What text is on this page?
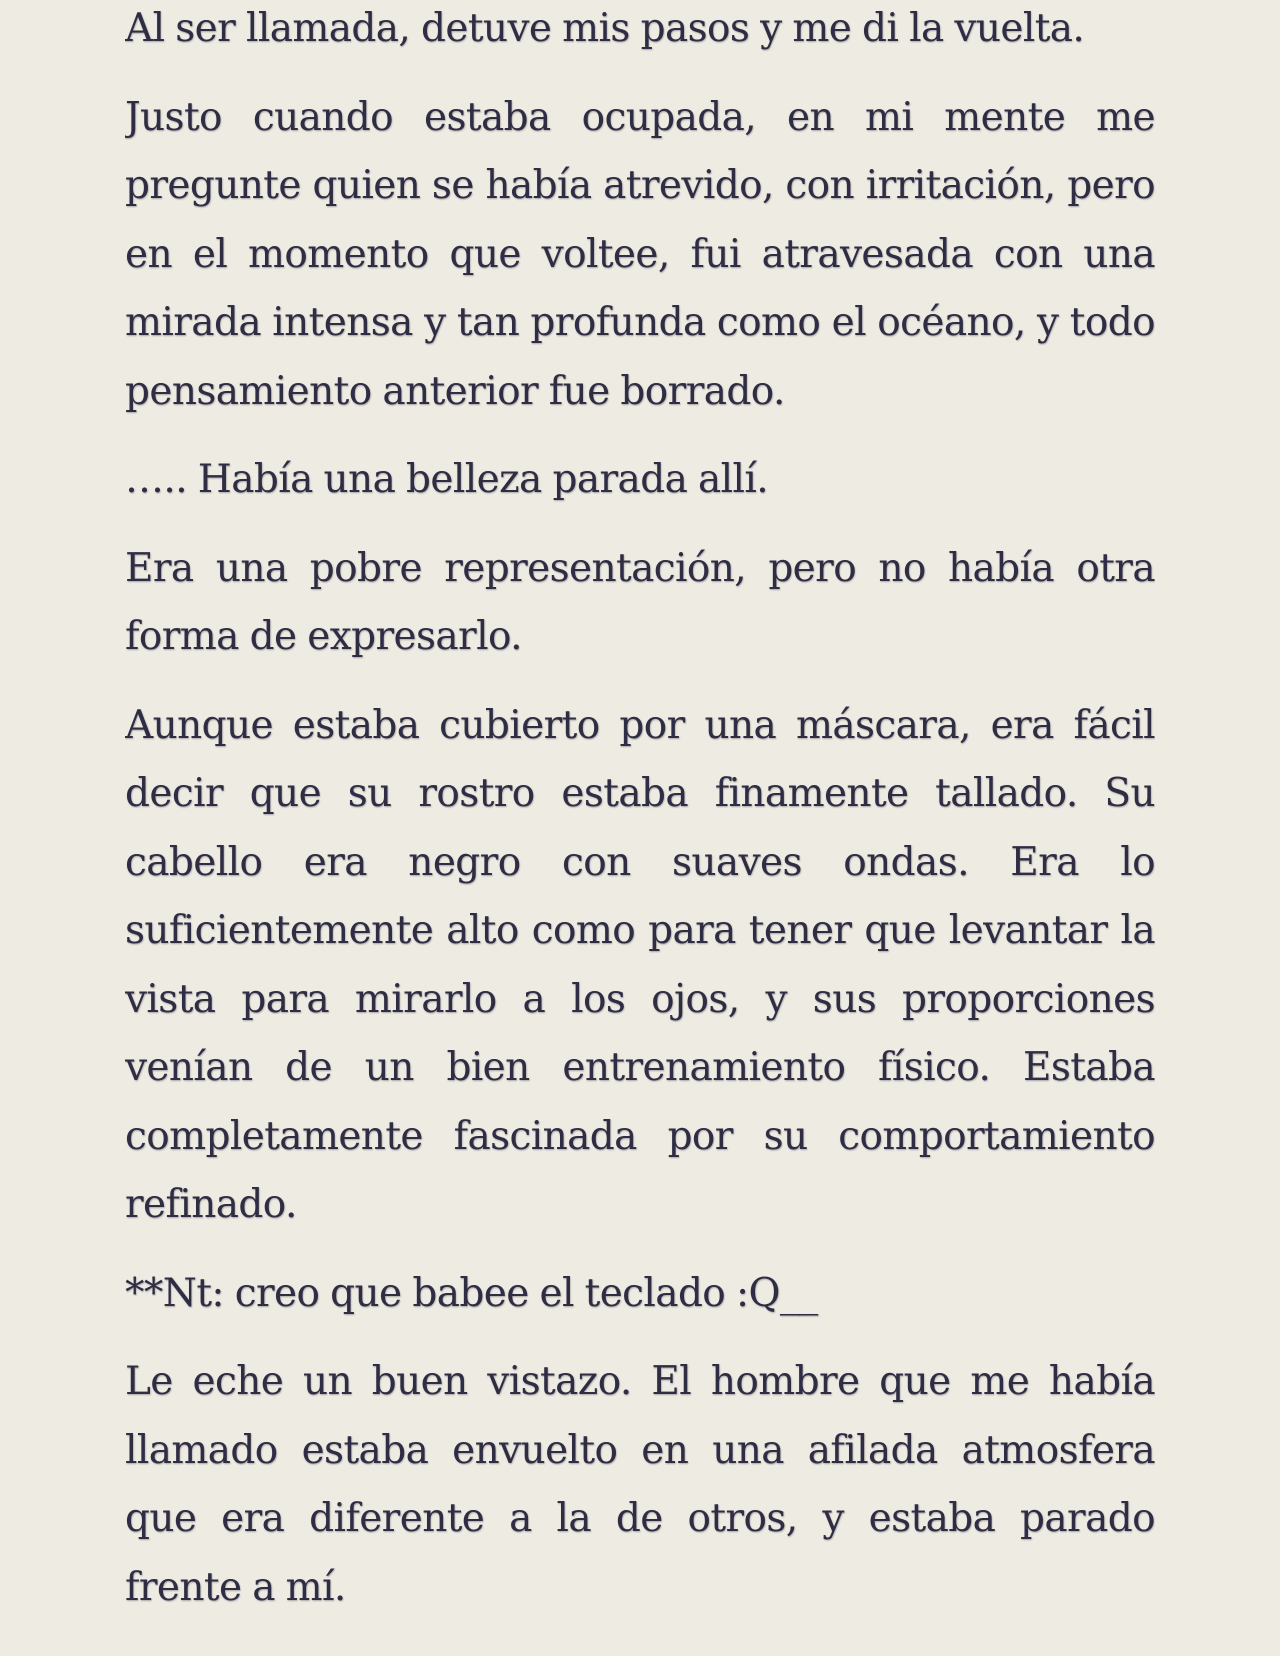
Al ser llamada, detuve mis pasos y me di la vuelta.

Justo cuando estaba ocupada, en mi mente me pregunte quien se había atrevido, con irritación, pero en el momento que voltee, fui atravesada con una mirada intensa y tan profunda como el océano, y todo pensamiento anterior fue borrado.

….. Había una belleza parada allí.

Era una pobre representación, pero no había otra forma de expresarlo.

Aunque estaba cubierto por una máscara, era fácil decir que su rostro estaba finamente tallado. Su cabello era negro con suaves ondas. Era lo suficientemente alto como para tener que levantar la vista para mirarlo a los ojos, y sus proporciones venían de un bien entrenamiento físico. Estaba completamente fascinada por su comportamiento refinado.

**Nt: creo que babee el teclado :Q__

Le eche un buen vistazo. El hombre que me había llamado estaba envuelto en una afilada atmosfera que era diferente a la de otros, y estaba parado frente a mí.
